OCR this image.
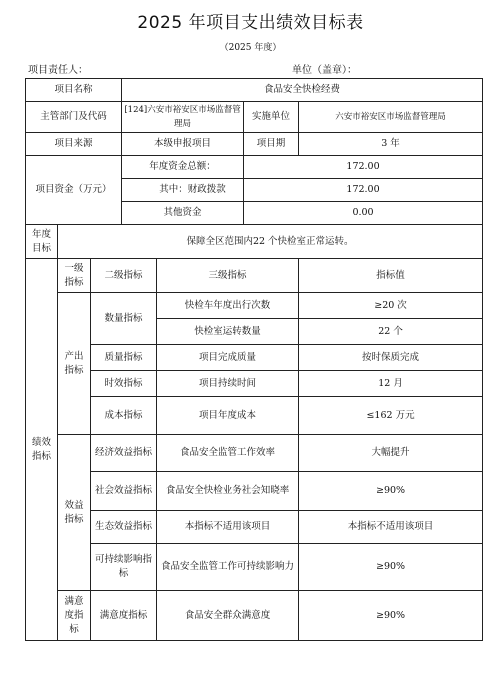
2025 年项目支出绩效目标表
（2025 年度）
项目责任人：	单位（盖章）：
项目名称			食品安全快检经费			
主管部门及代码			[124]六安市裕安区市场监督管理局		实施单位	六安市裕安区市场监督管理局
项目来源			本级申报项目		项目期	3 年
项目资金（万元）			年度资金总额：		172.00	
			其中：财政拨款		172.00	
			其他资金		0.00	
年度目标	保障全区范围内22 个快检室正常运转。					
绩效指标	一级指标	二级指标		三级指标		指标值
	产出指标	数量指标		快检车年度出行次数		≥20 次
				快检室运转数量		22 个
		质量指标		项目完成质量		按时保质完成
		时效指标		项目持续时间		12 月
		成本指标		项目年度成本		≤162 万元
	效益指标	经济效益指标		食品安全监管工作效率		大幅提升
		社会效益指标		食品安全快检业务社会知晓率		≥90%
		生态效益指标		本指标不适用该项目		本指标不适用该项目
		可持续影响指标		食品安全监管工作可持续影响力		≥90%
	满意度指标	满意度指标		食品安全群众满意度		≥90%
